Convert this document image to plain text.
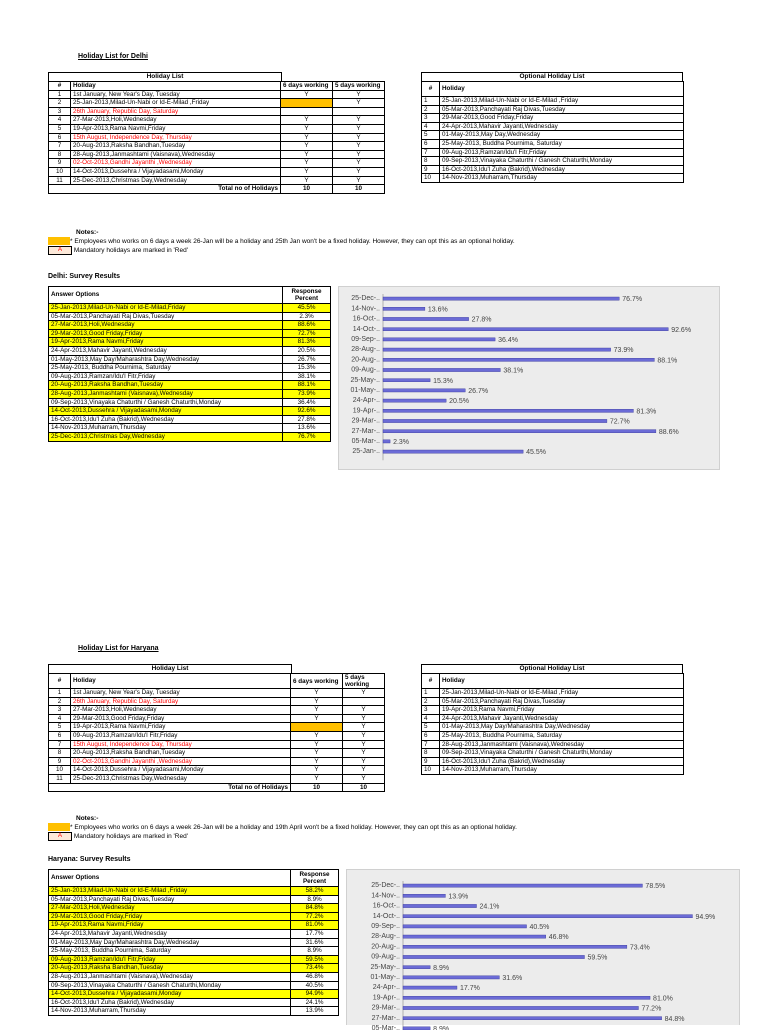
Holiday List for Delhi
Holiday List
#	Holiday	6 days working	5 days working
1	1st January, New Year's Day, Tuesday	Y	Y
2	25-Jan-2013,Milad-Un-Nabi or Id-E-Milad ,Friday		Y
3	26th January, Republic Day, Saturday		
4	27-Mar-2013,Holi,Wednesday	Y	Y
5	19-Apr-2013,Rama Navmi,Friday	Y	Y
6	15th August, Independence Day, Thursday	Y	Y
7	20-Aug-2013,Raksha Bandhan,Tuesday	Y	Y
8	28-Aug-2013,Janmashtami (Vaisnava),Wednesday	Y	Y
9	02-Oct-2013,Gandhi Jayanthi ,Wednesday	Y	Y
10	14-Oct-2013,Dussehra / Vijayadasami,Monday	Y	Y
11	25-Dec-2013,Christmas Day,Wednesday	Y	Y
Total no of Holidays		10	10
Optional Holiday List
#	Holiday
1	25-Jan-2013,Milad-Un-Nabi or Id-E-Milad ,Friday
2	05-Mar-2013,Panchayati Raj Divas,Tuesday
3	29-Mar-2013,Good Friday,Friday
4	24-Apr-2013,Mahavir Jayanti,Wednesday
5	01-May-2013,May Day,Wednesday
6	25-May-2013, Buddha Pournima, Saturday
7	09-Aug-2013,Ramzan/Idu'l Fitr,Friday
8	09-Sep-2013,Vinayaka Chaturthi / Ganesh Chaturthi,Monday
9	16-Oct-2013,Idu'l Zuha (Bakrid),Wednesday
10	14-Nov-2013,Muharram,Thursday
Notes:-
* Employees who works on 6 days a week 26-Jan will be a holiday and 25th Jan won't be a fixed holiday. However, they can opt this as an optional holiday.
A Mandatory holidays are marked in 'Red'
Delhi: Survey Results
Answer Options	Response Percent
25-Jan-2013,Milad-Un-Nabi or Id-E-Milad,Friday	45.5%
05-Mar-2013,Panchayati Raj Divas,Tuesday	2.3%
27-Mar-2013,Holi,Wednesday	88.6%
29-Mar-2013,Good Friday,Friday	72.7%
19-Apr-2013,Rama Navmi,Friday	81.3%
24-Apr-2013,Mahavir Jayanti,Wednesday	20.5%
01-May-2013,May Day/Maharashtra Day,Wednesday	26.7%
25-May-2013, Buddha Pournima, Saturday	15.3%
09-Aug-2013,Ramzan/Idu'l Fitr,Friday	38.1%
20-Aug-2013,Raksha Bandhan,Tuesday	88.1%
28-Aug-2013,Janmashtami (Vaisnava),Wednesday	73.9%
09-Sep-2013,Vinayaka Chaturthi / Ganesh Chaturthi,Monday	36.4%
14-Oct-2013,Dussehra / Vijayadasami,Monday	92.6%
16-Oct-2013,Idu'l Zuha (Bakrid),Wednesday	27.8%
14-Nov-2013,Muharram,Thursday	13.6%
25-Dec-2013,Christmas Day,Wednesday	76.7%
25-Dec-..	76.7%
14-Nov-..	13.6%
16-Oct-..	27.8%
14-Oct-..	92.6%
09-Sep-..	36.4%
28-Aug-..	73.9%
20-Aug-..	88.1%
09-Aug-..	38.1%
25-May-..	15.3%
01-May-..	26.7%
24-Apr-..	20.5%
19-Apr-..	81.3%
29-Mar-..	72.7%
27-Mar-..	88.6%
05-Mar-.. 2.3%
25-Jan-..	45.5%
Holiday List for Haryana
Holiday List
#	Holiday	6 days working	5 days working
1	1st January, New Year's Day, Tuesday	Y	Y
2	26th January, Republic Day, Saturday	Y	
3	27-Mar-2013,Holi,Wednesday	Y	Y
4	29-Mar-2013,Good Friday,Friday	Y	Y
5	19-Apr-2013,Rama Navmi,Friday		Y
6	09-Aug-2013,Ramzan/Idu'l Fitr,Friday	Y	Y
7	15th August, Independence Day, Thursday	Y	Y
8	20-Aug-2013,Raksha Bandhan,Tuesday	Y	Y
9	02-Oct-2013,Gandhi Jayanthi ,Wednesday	Y	Y
10	14-Oct-2013,Dussehra / Vijayadasami,Monday	Y	Y
11	25-Dec-2013,Christmas Day,Wednesday	Y	Y
Total no of Holidays		10	10
Optional Holiday List
#	Holiday
1	25-Jan-2013,Milad-Un-Nabi or Id-E-Milad ,Friday
2	05-Mar-2013,Panchayati Raj Divas,Tuesday
3	19-Apr-2013,Rama Navmi,Friday
4	24-Apr-2013,Mahavir Jayanti,Wednesday
5	01-May-2013,May Day/Maharashtra Day,Wednesday
6	25-May-2013, Buddha Pournima, Saturday
7	28-Aug-2013,Janmashtami (Vaisnava),Wednesday
8	09-Sep-2013,Vinayaka Chaturthi / Ganesh Chaturthi,Monday
9	16-Oct-2013,Idu'l Zuha (Bakrid),Wednesday
10	14-Nov-2013,Muharram,Thursday
Notes:-
* Employees who works on 6 days a week 26-Jan will be a holiday and 19th April won't be a fixed holiday. However, they can opt this as an optional holiday.
A Mandatory holidays are marked in 'Red'
Haryana: Survey Results
Answer Options	Response Percent
25-Jan-2013,Milad-Un-Nabi or Id-E-Milad ,Friday	58.2%
05-Mar-2013,Panchayati Raj Divas,Tuesday	8.9%
27-Mar-2013,Holi,Wednesday	84.8%
29-Mar-2013,Good Friday,Friday	77.2%
19-Apr-2013,Rama Navmi,Friday	81.0%
24-Apr-2013,Mahavir Jayanti,Wednesday	17.7%
01-May-2013,May Day/Maharashtra Day,Wednesday	31.6%
25-May-2013, Buddha Pournima, Saturday	8.9%
09-Aug-2013,Ramzan/Idu'l Fitr,Friday	59.5%
20-Aug-2013,Raksha Bandhan,Tuesday	73.4%
28-Aug-2013,Janmashtami (Vaisnava),Wednesday	46.8%
09-Sep-2013,Vinayaka Chaturthi / Ganesh Chaturthi,Monday	40.5%
14-Oct-2013,Dussehra / Vijayadasami,Monday	94.9%
16-Oct-2013,Idu'l Zuha (Bakrid),Wednesday	24.1%
14-Nov-2013,Muharram,Thursday	13.9%
25-Dec-..	78.5%
14-Nov-..	13.9%
16-Oct-..	24.1%
14-Oct-..	94.9%
09-Sep-..	40.5%
28-Aug-..	46.8%
20-Aug-..	73.4%
09-Aug-..	59.5%
25-May-..	8.9%
01-May-..	31.6%
24-Apr-..	17.7%
19-Apr-..	81.0%
29-Mar-..	77.2%
27-Mar-..	84.8%
05-Mar-..	8.9%
